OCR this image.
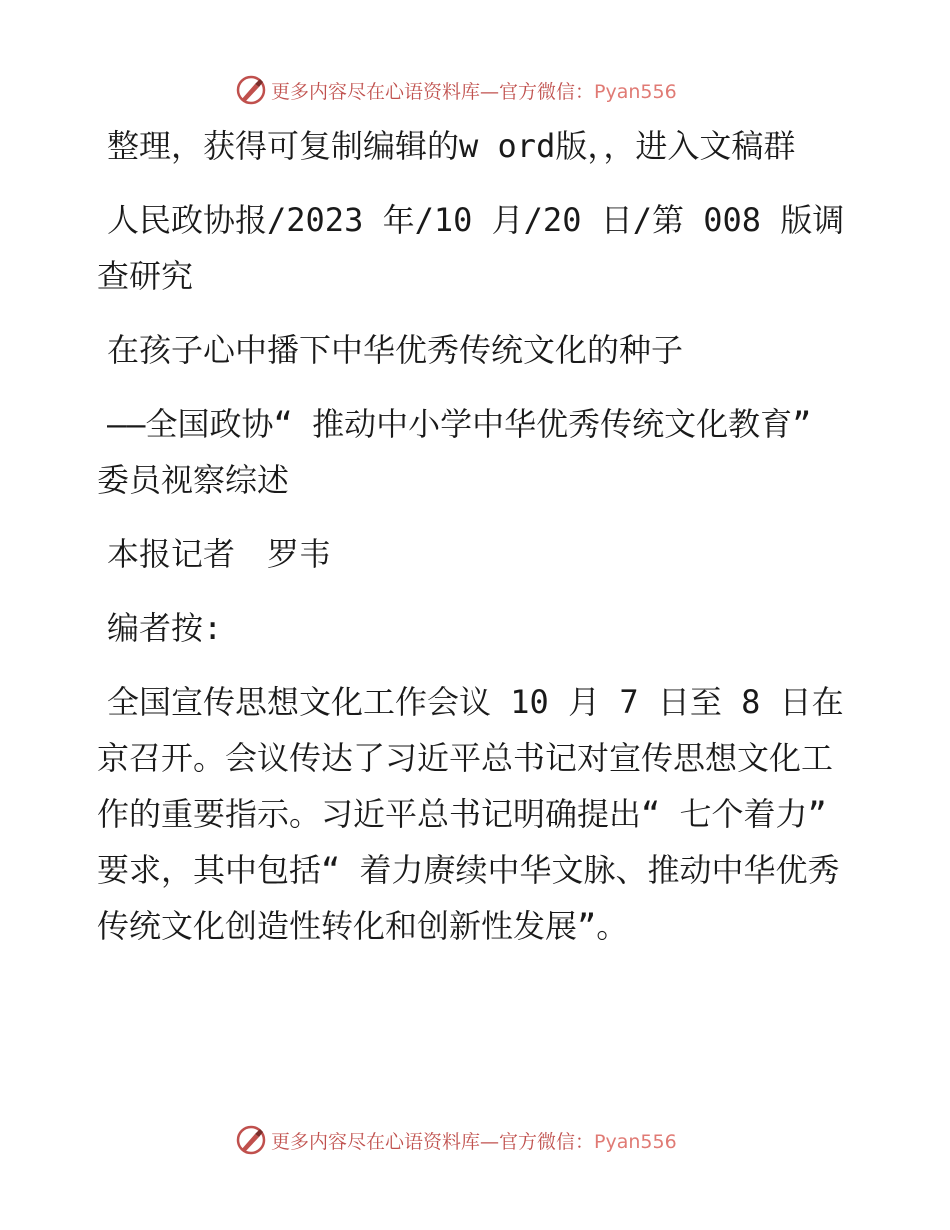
更多内容尽在心语资料库—官方微信：Pyan556

整理，获得可复制编辑的w ord版，，进入文稿群

人民政协报/2023 年/10 月/20 日/第 008 版调查研究

在孩子心中播下中华优秀传统文化的种子

——全国政协“ 推动中小学中华优秀传统文化教育” 委员视察综述

本报记者　罗韦

编者按:

全国宣传思想文化工作会议 10 月 7 日至 8 日在京召开。会议传达了习近平总书记对宣传思想文化工作的重要指示。习近平总书记明确提出“ 七个着力” 要求，其中包括“ 着力赓续中华文脉、推动中华优秀传统文化创造性转化和创新性发展”。

更多内容尽在心语资料库—官方微信：Pyan556
